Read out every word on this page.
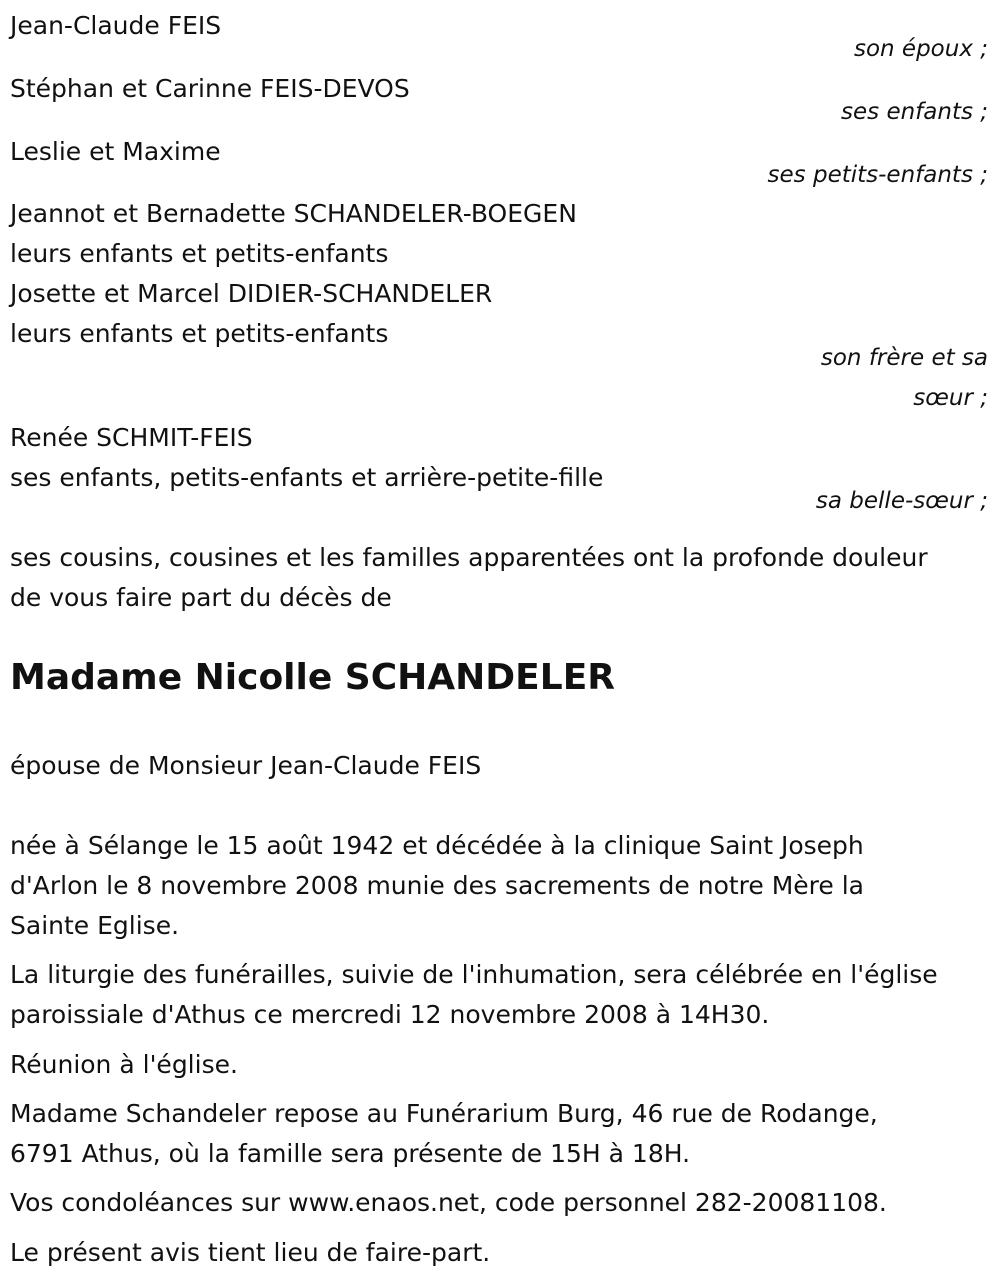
Jean-Claude FEIS
son époux ;
Stéphan et Carinne FEIS-DEVOS
ses enfants ;
Leslie et Maxime
ses petits-enfants ;
Jeannot et Bernadette SCHANDELER-BOEGEN
leurs enfants et petits-enfants
Josette et Marcel DIDIER-SCHANDELER
leurs enfants et petits-enfants
son frère et sa
sœur ;
Renée SCHMIT-FEIS
ses enfants, petits-enfants et arrière-petite-fille
sa belle-sœur ;
ses cousins, cousines et les familles apparentées ont la profonde douleur
de vous faire part du décès de
Madame Nicolle SCHANDELER
épouse de Monsieur Jean-Claude FEIS
née à Sélange le 15 août 1942 et décédée à la clinique Saint Joseph
d'Arlon le 8 novembre 2008 munie des sacrements de notre Mère la
Sainte Eglise.
La liturgie des funérailles, suivie de l'inhumation, sera célébrée en l'église
paroissiale d'Athus ce mercredi 12 novembre 2008 à 14H30.
Réunion à l'église.
Madame Schandeler repose au Funérarium Burg, 46 rue de Rodange,
6791 Athus, où la famille sera présente de 15H à 18H.
Vos condoléances sur www.enaos.net, code personnel 282-20081108.
Le présent avis tient lieu de faire-part.
